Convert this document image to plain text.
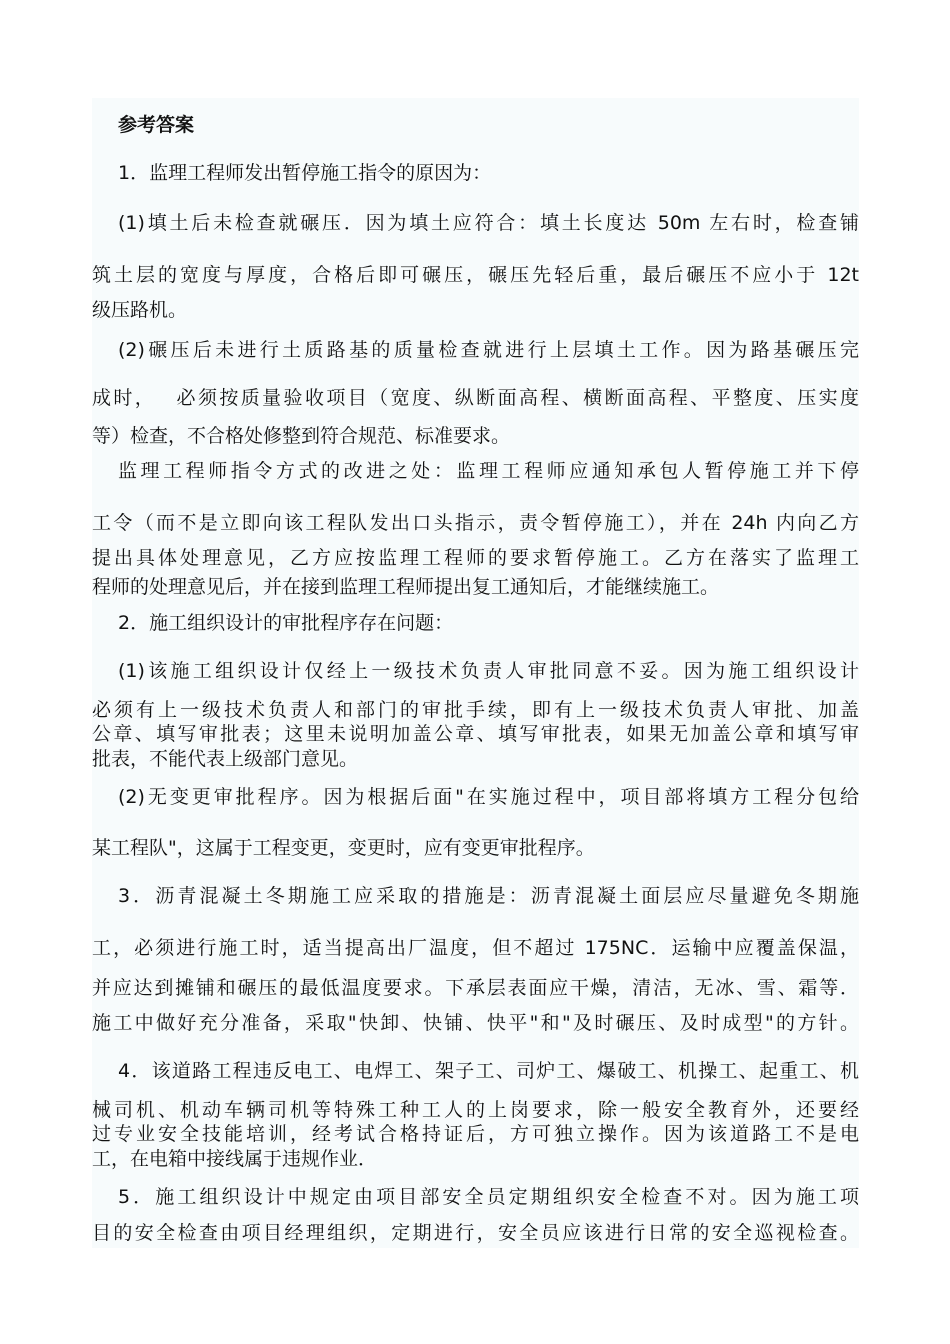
参考答案
1．监理工程师发出暂停施工指令的原因为：
(1)填土后未检查就碾压．因为填土应符合：填土长度达 50m 左右时，检查铺
筑土层的宽度与厚度，合格后即可碾压，碾压先轻后重，最后碾压不应小于 12t
级压路机。
(2)碾压后未进行土质路基的质量检查就进行上层填土工作。因为路基碾压完
成时，　 必须按质量验收项目（宽度、纵断面高程、横断面高程、平整度、压实度
等）检查，不合格处修整到符合规范、标准要求。
监理工程师指令方式的改进之处：监理工程师应通知承包人暂停施工并下停
工令（而不是立即向该工程队发出口头指示，责令暂停施工），并在 24h 内向乙方
提出具体处理意见，乙方应按监理工程师的要求暂停施工。乙方在落实了监理工
程师的处理意见后，并在接到监理工程师提出复工通知后，才能继续施工。
2．施工组织设计的审批程序存在问题：
(1)该施工组织设计仅经上一级技术负责人审批同意不妥。因为施工组织设计
必须有上一级技术负责人和部门的审批手续，即有上一级技术负责人审批、加盖
公章、填写审批表；这里未说明加盖公章、填写审批表，如果无加盖公章和填写审
批表，不能代表上级部门意见。
(2)无变更审批程序。因为根据后面"在实施过程中，项目部将填方工程分包给
某工程队"，这属于工程变更，变更时，应有变更审批程序。
3．沥青混凝土冬期施工应采取的措施是：沥青混凝土面层应尽量避免冬期施
工，必须进行施工时，适当提高出厂温度，但不超过 175NC．运输中应覆盖保温，
并应达到摊铺和碾压的最低温度要求。下承层表面应干燥，清洁，无冰、雪、霜等．
施工中做好充分准备，采取"快卸、快铺、快平"和"及时碾压、及时成型"的方针。
4．该道路工程违反电工、电焊工、架子工、司炉工、爆破工、机操工、起重工、机
械司机、机动车辆司机等特殊工种工人的上岗要求，除一般安全教育外，还要经
过专业安全技能培训，经考试合格持证后，方可独立操作。因为该道路工不是电
工，在电箱中接线属于违规作业．
5．施工组织设计中规定由项目部安全员定期组织安全检查不对。因为施工项
目的安全检查由项目经理组织，定期进行，安全员应该进行日常的安全巡视检查。
